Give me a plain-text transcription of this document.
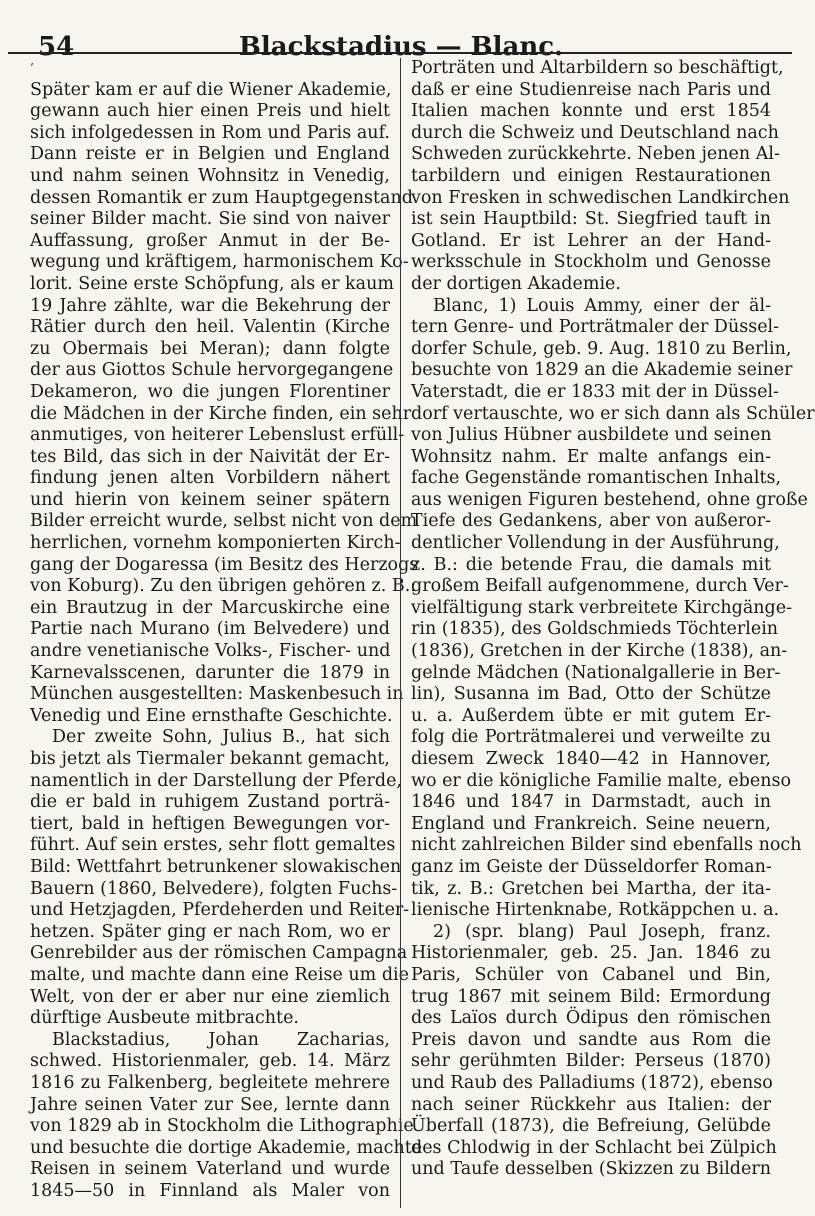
54	Blackstadius — Blanc.
’
Später kam er auf die Wiener Akademie,
gewann auch hier einen Preis und hielt
sich infolgedessen in Rom und Paris auf.
Dann reiste er in Belgien und England
und nahm seinen Wohnsitz in Venedig,
dessen Romantik er zum Hauptgegenstand
seiner Bilder macht. Sie sind von naiver
Auffassung, großer Anmut in der Be-
wegung und kräftigem, harmonischem Ko-
lorit. Seine erste Schöpfung, als er kaum
19 Jahre zählte, war die Bekehrung der
Rätier durch den heil. Valentin (Kirche
zu Obermais bei Meran); dann folgte
der aus Giottos Schule hervorgegangene
Dekameron, wo die jungen Florentiner
die Mädchen in der Kirche finden, ein sehr
anmutiges, von heiterer Lebenslust erfüll-
tes Bild, das sich in der Naivität der Er-
findung jenen alten Vorbildern nähert
und hierin von keinem seiner spätern
Bilder erreicht wurde, selbst nicht von dem
herrlichen, vornehm komponierten Kirch-
gang der Dogaressa (im Besitz des Herzogs
von Koburg). Zu den übrigen gehören z. B.:
ein Brautzug in der Marcuskirche eine
Partie nach Murano (im Belvedere) und
andre venetianische Volks-, Fischer- und
Karnevalsscenen, darunter die 1879 in
München ausgestellten: Maskenbesuch in
Venedig und Eine ernsthafte Geschichte.
Der zweite Sohn, Julius B., hat sich
bis jetzt als Tiermaler bekannt gemacht,
namentlich in der Darstellung der Pferde,
die er bald in ruhigem Zustand porträ-
tiert, bald in heftigen Bewegungen vor-
führt. Auf sein erstes, sehr flott gemaltes
Bild: Wettfahrt betrunkener slowakischen
Bauern (1860, Belvedere), folgten Fuchs-
und Hetzjagden, Pferdeherden und Reiter-
hetzen. Später ging er nach Rom, wo er
Genrebilder aus der römischen Campagna
malte, und machte dann eine Reise um die
Welt, von der er aber nur eine ziemlich
dürftige Ausbeute mitbrachte.
Blackstadius, Johan Zacharias,
schwed. Historienmaler, geb. 14. März
1816 zu Falkenberg, begleitete mehrere
Jahre seinen Vater zur See, lernte dann
von 1829 ab in Stockholm die Lithographie
und besuchte die dortige Akademie, machte
Reisen in seinem Vaterland und wurde
1845—50 in Finnland als Maler von
Porträten und Altarbildern so beschäftigt,
daß er eine Studienreise nach Paris und
Italien machen konnte und erst 1854
durch die Schweiz und Deutschland nach
Schweden zurückkehrte. Neben jenen Al-
tarbildern und einigen Restaurationen
von Fresken in schwedischen Landkirchen
ist sein Hauptbild: St. Siegfried tauft in
Gotland. Er ist Lehrer an der Hand-
werksschule in Stockholm und Genosse
der dortigen Akademie.
Blanc, 1) Louis Ammy, einer der äl-
tern Genre- und Porträtmaler der Düssel-
dorfer Schule, geb. 9. Aug. 1810 zu Berlin,
besuchte von 1829 an die Akademie seiner
Vaterstadt, die er 1833 mit der in Düssel-
dorf vertauschte, wo er sich dann als Schüler
von Julius Hübner ausbildete und seinen
Wohnsitz nahm. Er malte anfangs ein-
fache Gegenstände romantischen Inhalts,
aus wenigen Figuren bestehend, ohne große
Tiefe des Gedankens, aber von außeror-
dentlicher Vollendung in der Ausführung,
z. B.: die betende Frau, die damals mit
großem Beifall aufgenommene, durch Ver-
vielfältigung stark verbreitete Kirchgänge-
rin (1835), des Goldschmieds Töchterlein
(1836), Gretchen in der Kirche (1838), an-
gelnde Mädchen (Nationalgallerie in Ber-
lin), Susanna im Bad, Otto der Schütze
u. a. Außerdem übte er mit gutem Er-
folg die Porträtmalerei und verweilte zu
diesem Zweck 1840—42 in Hannover,
wo er die königliche Familie malte, ebenso
1846 und 1847 in Darmstadt, auch in
England und Frankreich. Seine neuern,
nicht zahlreichen Bilder sind ebenfalls noch
ganz im Geiste der Düsseldorfer Roman-
tik, z. B.: Gretchen bei Martha, der ita-
lienische Hirtenknabe, Rotkäppchen u. a.
2) (spr. blang) Paul Joseph, franz.
Historienmaler, geb. 25. Jan. 1846 zu
Paris, Schüler von Cabanel und Bin,
trug 1867 mit seinem Bild: Ermordung
des Laïos durch Ödipus den römischen
Preis davon und sandte aus Rom die
sehr gerühmten Bilder: Perseus (1870)
und Raub des Palladiums (1872), ebenso
nach seiner Rückkehr aus Italien: der
Überfall (1873), die Befreiung, Gelübde
des Chlodwig in der Schlacht bei Zülpich
und Taufe desselben (Skizzen zu Bildern
